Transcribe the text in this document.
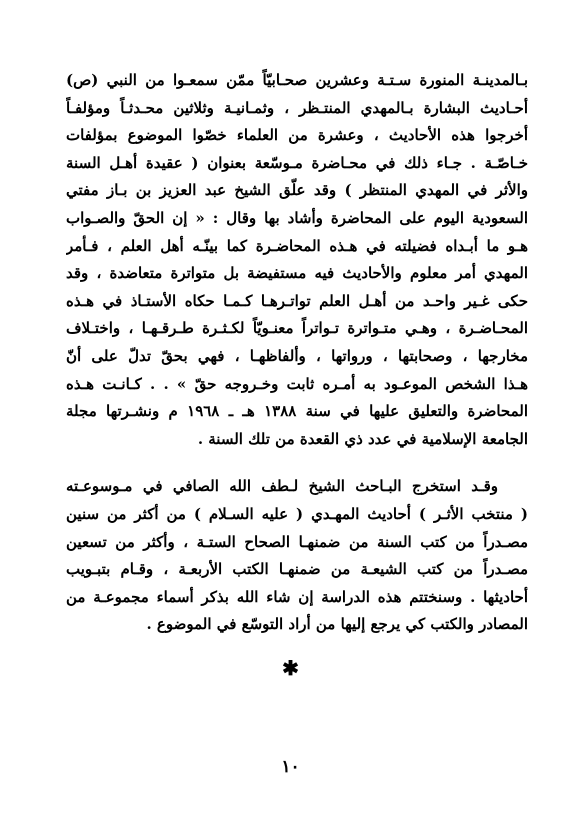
بـالمدينـة المنورة سـتـة وعشرين صحـابيّاً ممّن سمعـوا من النبي (ص)
أحـاديث البشارة بـالمهدي المنتـظر ، وثمـانيـة وثلاثين محـدثـاً ومؤلفـاً
أخرجوا هذه الأحاديث ، وعشرة من العلماء خصّوا الموضوع بمؤلفات
خـاصّـة . جـاء ذلك في محـاضرة مـوسّعة بعنوان ( عقيدة أهـل السنة
والأثر في المهدي المنتظر ) وقد علّق الشيخ عبد العزيز بن بـاز مفتي
السعودية اليوم على المحاضرة وأشاد بها وقال : « إن الحقّ والصـواب
هـو ما أبـداه فضيلته في هـذه المحاضـرة كما بينّـه أهل العلم ، فـأمر
المهدي أمر معلوم والأحاديث فيه مستفيضة بل متواترة متعاضدة ، وقد
حكى غـير واحـد من أهـل العلم تواتـرهـا كـمـا حكاه الأستـاذ في هـذه
المحـاضـرة ، وهـي متـواترة تـواتراً معنـويّاً لكـثـرة طـرقـهـا ، واختـلاف
مخارجها ، وصحابتها ، ورواتها ، وألفاظهـا ، فهي بحقّ تدلّ على أنّ
هـذا الشخص الموعـود به أمـره ثابت وخـروجه حقّ » . . كـانـت هـذه
المحاضرة والتعليق عليها في سنة ١٣٨٨ هـ ـ ١٩٦٨ م ونشـرتها مجلة
الجامعة الإسلامية في عدد ذي القعدة من تلك السنة .
وقـد استخرج البـاحث الشيخ لـطف الله الصافي في مـوسوعـته
( منتخب الأثـر ) أحاديث المهـدي ( عليه السـلام ) من أكثر من سنين
مصـدراً من كتب السنة من ضمنهـا الصحاح الستـة ، وأكثر من تسعين
مصـدراً من كتب الشيعـة من ضمنهـا الكتب الأربعـة ، وقـام بتبـويب
أحاديثها . وسنختتم هذه الدراسة إن شاء الله بذكر أسماء مجموعـة من
المصادر والكتب كي يرجع إليها من أراد التوسّع في الموضوع .
✱
١٠
